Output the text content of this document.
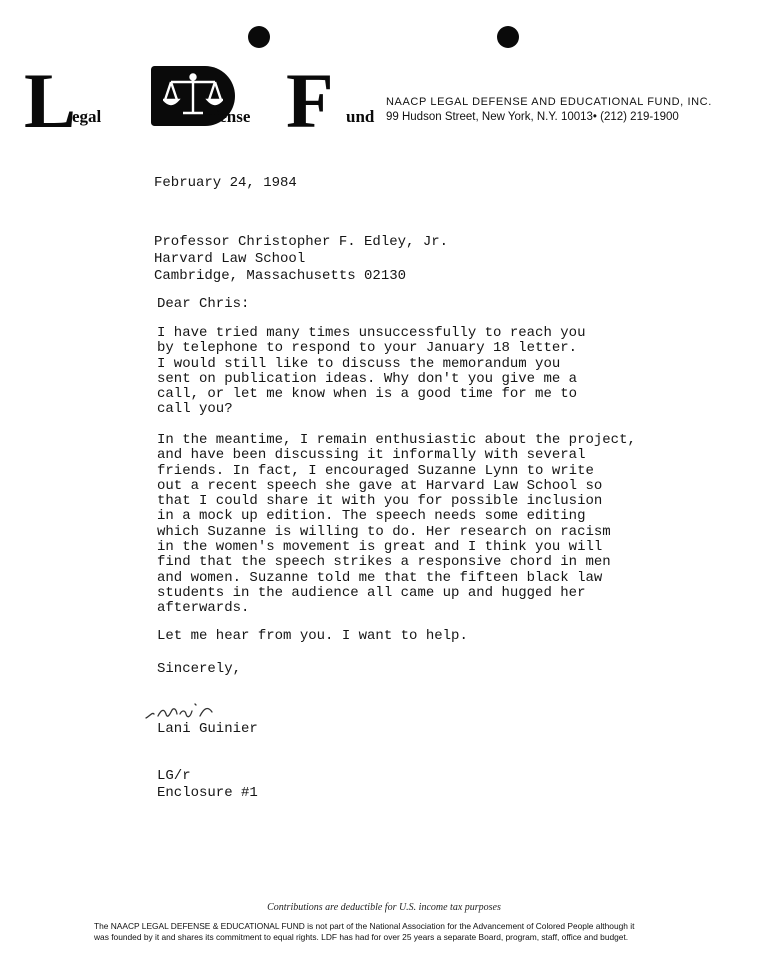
L
egal	efense F und
NAACP LEGAL DEFENSE AND EDUCATIONAL FUND, INC.
99 Hudson Street, New York, N.Y. 10013• (212) 219-1900
February 24, 1984
Professor Christopher F. Edley, Jr.
Harvard Law School
Cambridge, Massachusetts 02130
Dear Chris:
I have tried many times unsuccessfully to reach you
by telephone to respond to your January 18 letter.
I would still like to discuss the memorandum you
sent on publication ideas. Why don't you give me a
call, or let me know when is a good time for me to
call you?
In the meantime, I remain enthusiastic about the project,
and have been discussing it informally with several
friends. In fact, I encouraged Suzanne Lynn to write
out a recent speech she gave at Harvard Law School so
that I could share it with you for possible inclusion
in a mock up edition. The speech needs some editing
which Suzanne is willing to do. Her research on racism
in the women's movement is great and I think you will
find that the speech strikes a responsive chord in men
and women. Suzanne told me that the fifteen black law
students in the audience all came up and hugged her
afterwards.
Let me hear from you. I want to help.
Sincerely,
Lani Guinier
LG/r
Enclosure #1
Contributions are deductible for U.S. income tax purposes
The NAACP LEGAL DEFENSE & EDUCATIONAL FUND is not part of the National Association for the Advancement of Colored People although it
was founded by it and shares its commitment to equal rights. LDF has had for over 25 years a separate Board, program, staff, office and budget.
